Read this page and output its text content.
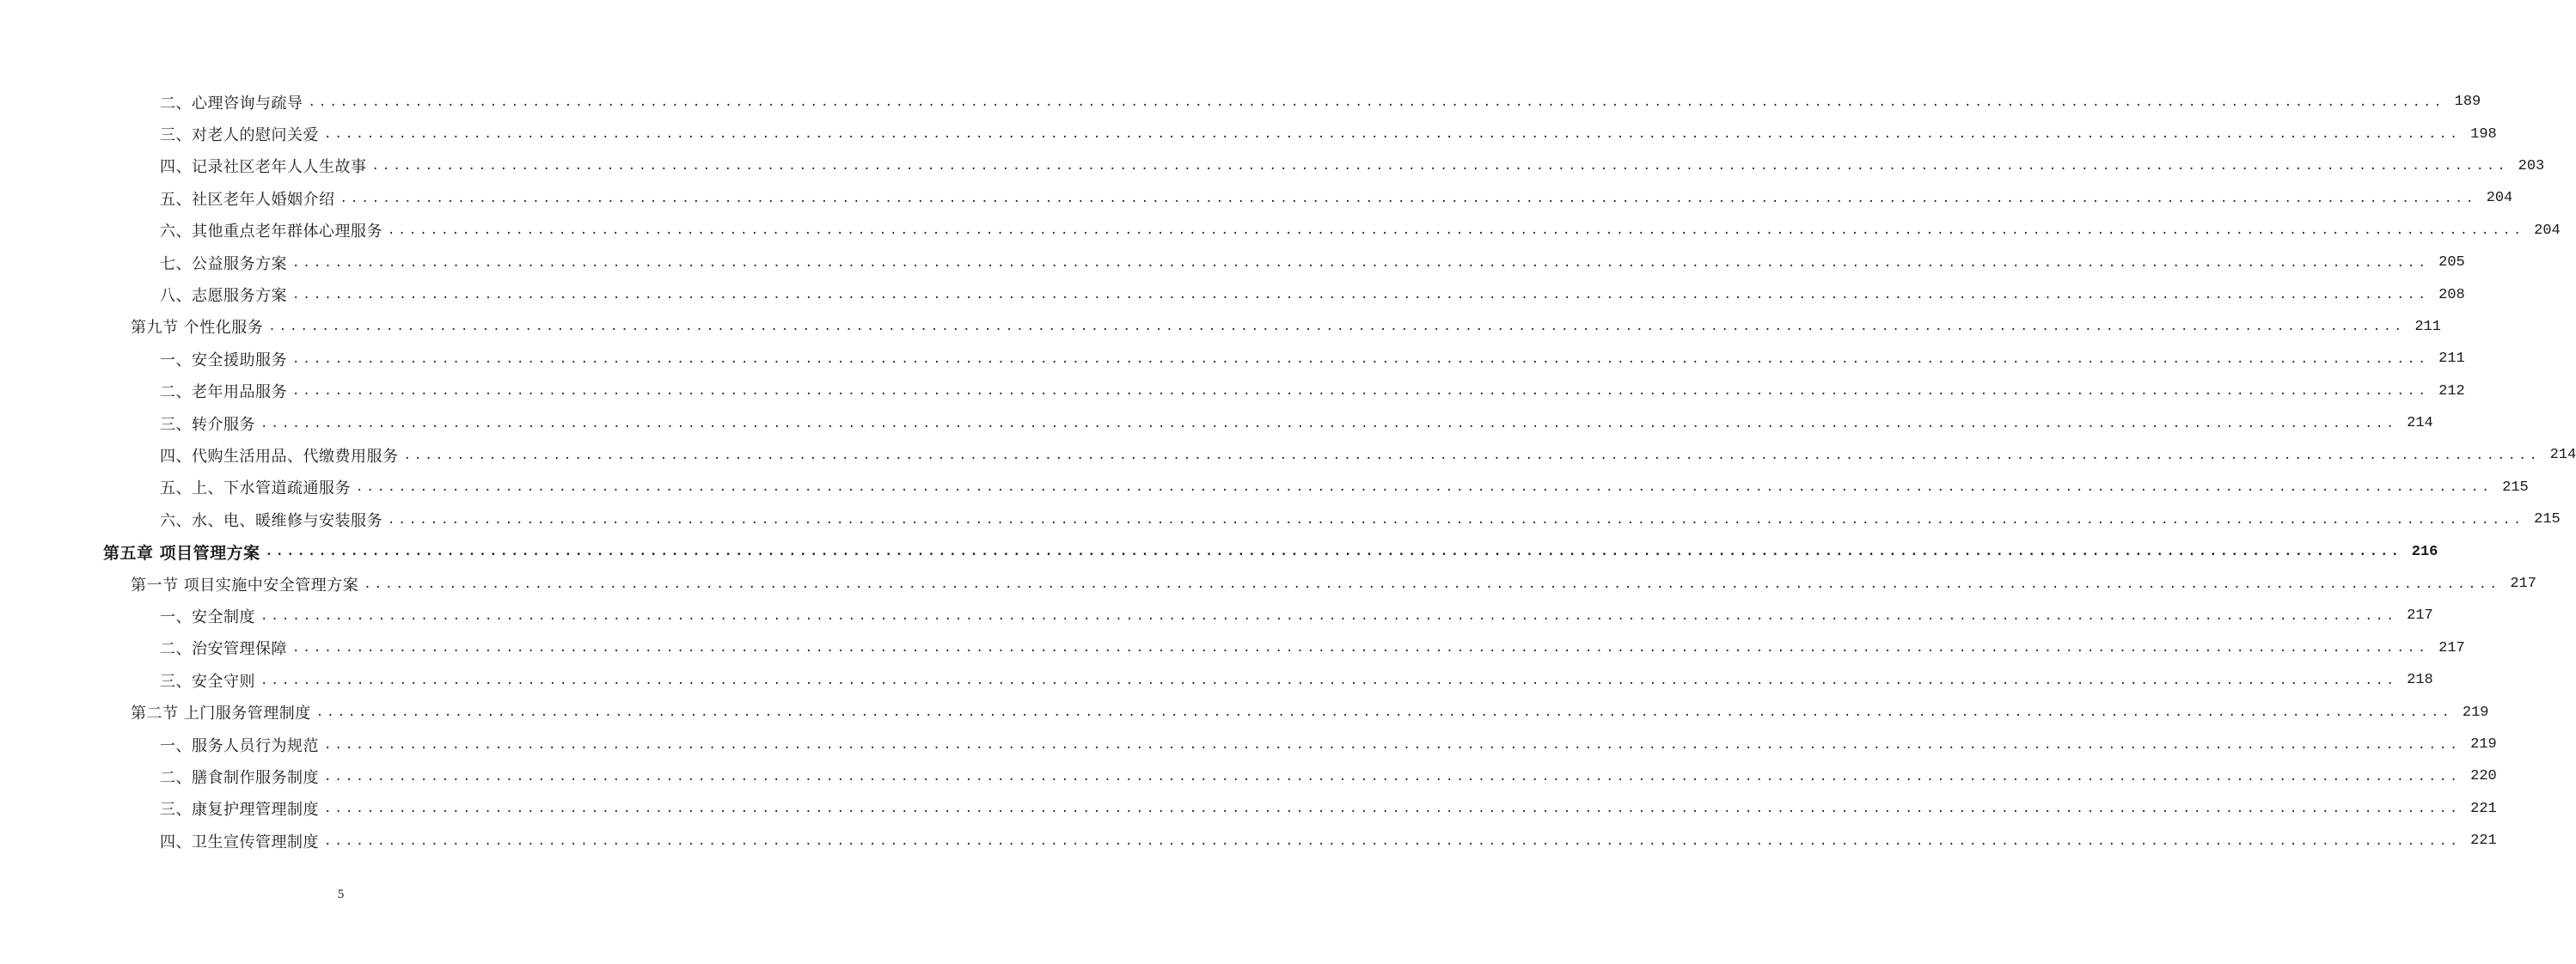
二、心理咨询与疏导 ........................................................................................................................................................................................................ 189
三、对老人的慰问关爱 ........................................................................................................................................................................................................ 198
四、记录社区老年人人生故事 ........................................................................................................................................................................................................ 203
五、社区老年人婚姻介绍 ........................................................................................................................................................................................................ 204
六、其他重点老年群体心理服务 ........................................................................................................................................................................................................ 204
七、公益服务方案 ........................................................................................................................................................................................................ 205
八、志愿服务方案 ........................................................................................................................................................................................................ 208
第九节 个性化服务 ........................................................................................................................................................................................................ 211
一、安全援助服务 ........................................................................................................................................................................................................ 211
二、老年用品服务 ........................................................................................................................................................................................................ 212
三、转介服务 ........................................................................................................................................................................................................ 214
四、代购生活用品、代缴费用服务 ........................................................................................................................................................................................................ 214
五、上、下水管道疏通服务 ........................................................................................................................................................................................................ 215
六、水、电、暖维修与安装服务 ........................................................................................................................................................................................................ 215
第五章 项目管理方案 ........................................................................................................................................................................................................ 216
第一节 项目实施中安全管理方案 ........................................................................................................................................................................................................ 217
一、安全制度 ........................................................................................................................................................................................................ 217
二、治安管理保障 ........................................................................................................................................................................................................ 217
三、安全守则 ........................................................................................................................................................................................................ 218
第二节 上门服务管理制度 ........................................................................................................................................................................................................ 219
一、服务人员行为规范 ........................................................................................................................................................................................................ 219
二、膳食制作服务制度 ........................................................................................................................................................................................................ 220
三、康复护理管理制度 ........................................................................................................................................................................................................ 221
四、卫生宣传管理制度 ........................................................................................................................................................................................................ 221
5
